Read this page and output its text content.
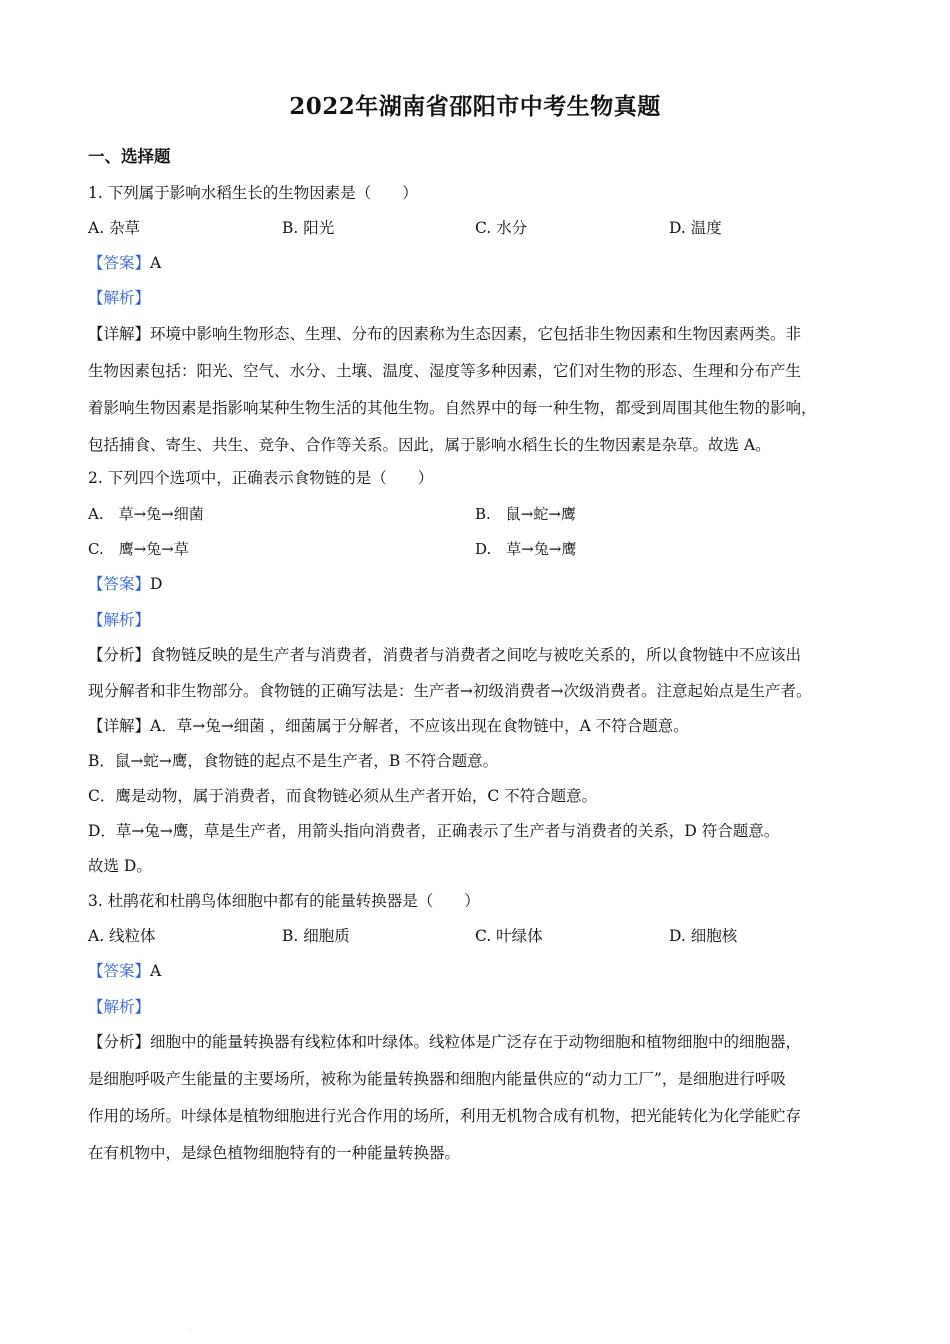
2022年湖南省邵阳市中考生物真题
一、选择题
1. 下列属于影响水稻生长的生物因素是（　　）
A. 杂草	B. 阳光	C. 水分	D. 温度
【答案】A
【解析】
【详解】环境中影响生物形态、生理、分布的因素称为生态因素，它包括非生物因素和生物因素两类。非
生物因素包括：阳光、空气、水分、土壤、温度、湿度等多种因素，它们对生物的形态、生理和分布产生
着影响生物因素是指影响某种生物生活的其他生物。自然界中的每一种生物，都受到周围其他生物的影响，
包括捕食、寄生、共生、竞争、合作等关系。因此，属于影响水稻生长的生物因素是杂草。故选 A。
2. 下列四个选项中，正确表示食物链的是（　　）
A.　草→兔→细菌	B.　鼠→蛇→鹰
C.　鹰→兔→草	D.　草→兔→鹰
【答案】D
【解析】
【分析】食物链反映的是生产者与消费者，消费者与消费者之间吃与被吃关系的，所以食物链中不应该出
现分解者和非生物部分。食物链的正确写法是：生产者→初级消费者→次级消费者。注意起始点是生产者。
【详解】A．草→兔→细菌 ，细菌属于分解者，不应该出现在食物链中，A 不符合题意。
B．鼠→蛇→鹰，食物链的起点不是生产者，B 不符合题意。
C．鹰是动物，属于消费者，而食物链必须从生产者开始，C 不符合题意。
D．草→兔→鹰，草是生产者，用箭头指向消费者，正确表示了生产者与消费者的关系，D 符合题意。
故选 D。
3. 杜鹃花和杜鹃鸟体细胞中都有的能量转换器是（　　）
A. 线粒体	B. 细胞质	C. 叶绿体	D. 细胞核
【答案】A
【解析】
【分析】细胞中的能量转换器有线粒体和叶绿体。线粒体是广泛存在于动物细胞和植物细胞中的细胞器，
是细胞呼吸产生能量的主要场所，被称为能量转换器和细胞内能量供应的“动力工厂”，是细胞进行呼吸
作用的场所。叶绿体是植物细胞进行光合作用的场所，利用无机物合成有机物，把光能转化为化学能贮存
在有机物中，是绿色植物细胞特有的一种能量转换器。
·
